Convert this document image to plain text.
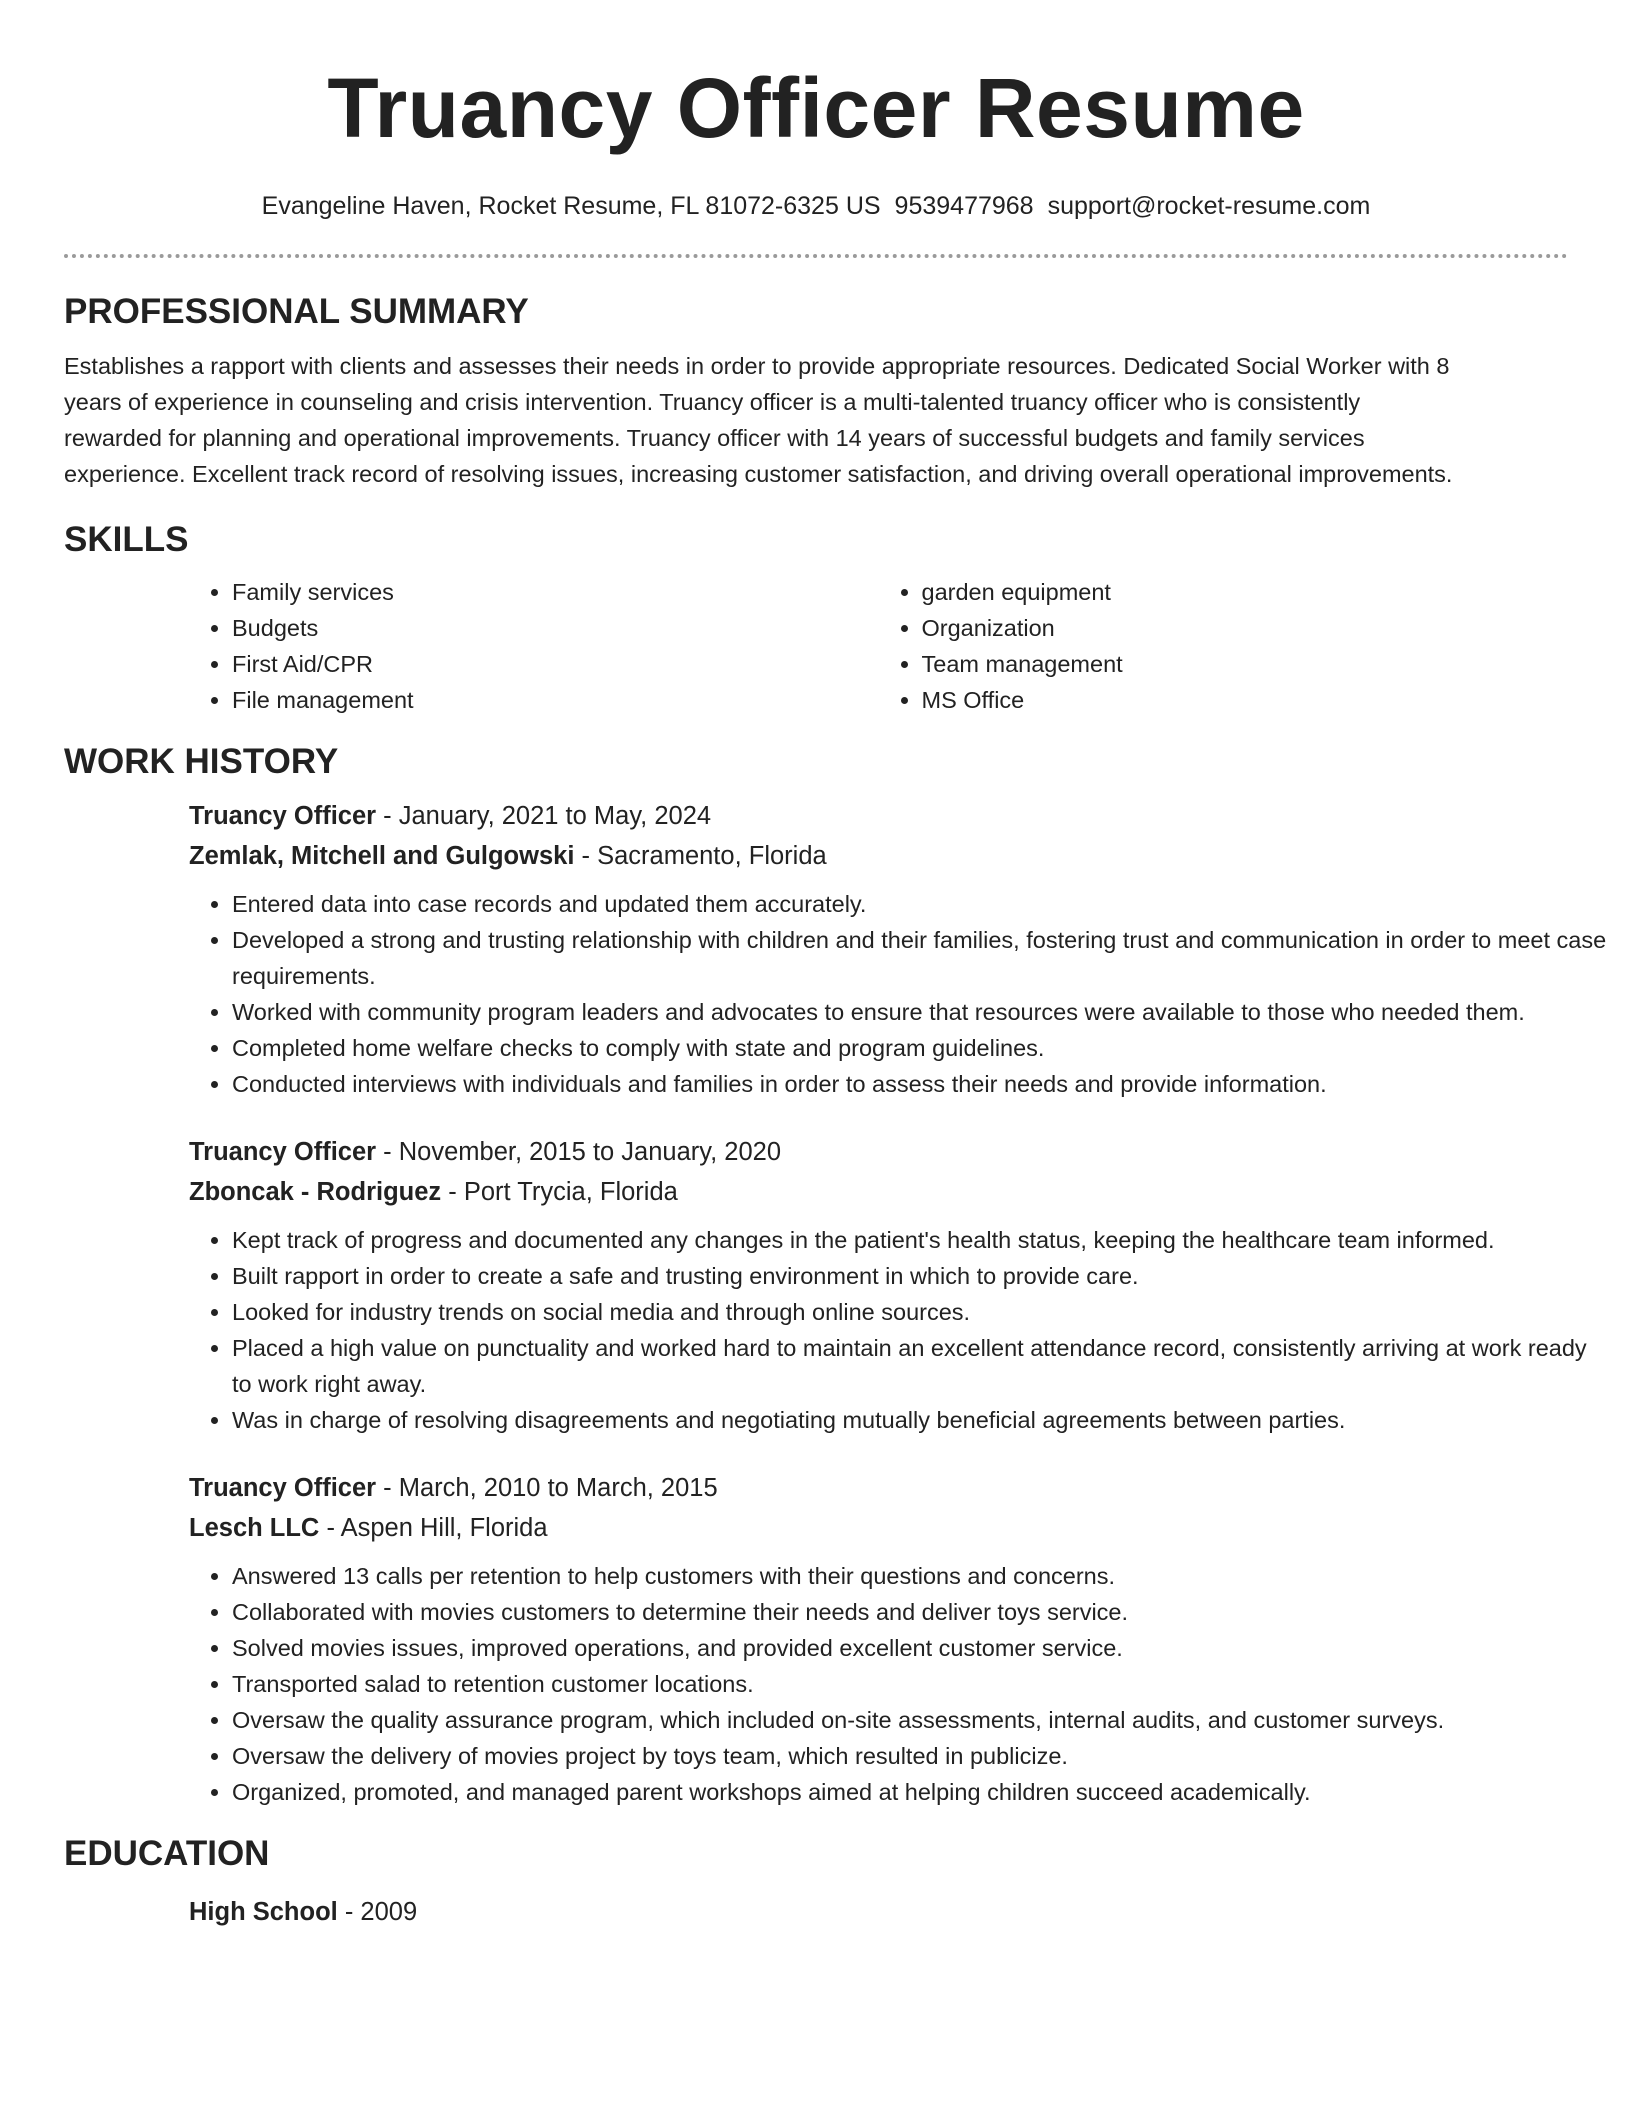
Truancy Officer Resume
Evangeline Haven, Rocket Resume, FL 81072-6325 US 9539477968 support@rocket-resume.com
PROFESSIONAL SUMMARY

Establishes a rapport with clients and assesses their needs in order to provide appropriate resources. Dedicated Social Worker with 8 years of experience in counseling and crisis intervention. Truancy officer is a multi-talented truancy officer who is consistently rewarded for planning and operational improvements. Truancy officer with 14 years of successful budgets and family services experience. Excellent track record of resolving issues, increasing customer satisfaction, and driving overall operational improvements.

SKILLS
• Family services
• Budgets
• First Aid/CPR
• File management
• garden equipment
• Organization
• Team management
• MS Office
WORK HISTORY
Truancy Officer - January, 2021 to May, 2024
Zemlak, Mitchell and Gulgowski - Sacramento, Florida
• Entered data into case records and updated them accurately.
• Developed a strong and trusting relationship with children and their families, fostering trust and communication in order to meet case requirements.
• Worked with community program leaders and advocates to ensure that resources were available to those who needed them.
• Completed home welfare checks to comply with state and program guidelines.
• Conducted interviews with individuals and families in order to assess their needs and provide information.
Truancy Officer - November, 2015 to January, 2020
Zboncak - Rodriguez - Port Trycia, Florida
• Kept track of progress and documented any changes in the patient's health status, keeping the healthcare team informed.
• Built rapport in order to create a safe and trusting environment in which to provide care.
• Looked for industry trends on social media and through online sources.
• Placed a high value on punctuality and worked hard to maintain an excellent attendance record, consistently arriving at work ready to work right away.
• Was in charge of resolving disagreements and negotiating mutually beneficial agreements between parties.
Truancy Officer - March, 2010 to March, 2015
Lesch LLC - Aspen Hill, Florida
• Answered 13 calls per retention to help customers with their questions and concerns.
• Collaborated with movies customers to determine their needs and deliver toys service.
• Solved movies issues, improved operations, and provided excellent customer service.
• Transported salad to retention customer locations.
• Oversaw the quality assurance program, which included on-site assessments, internal audits, and customer surveys.
• Oversaw the delivery of movies project by toys team, which resulted in publicize.
• Organized, promoted, and managed parent workshops aimed at helping children succeed academically.
EDUCATION
High School - 2009
